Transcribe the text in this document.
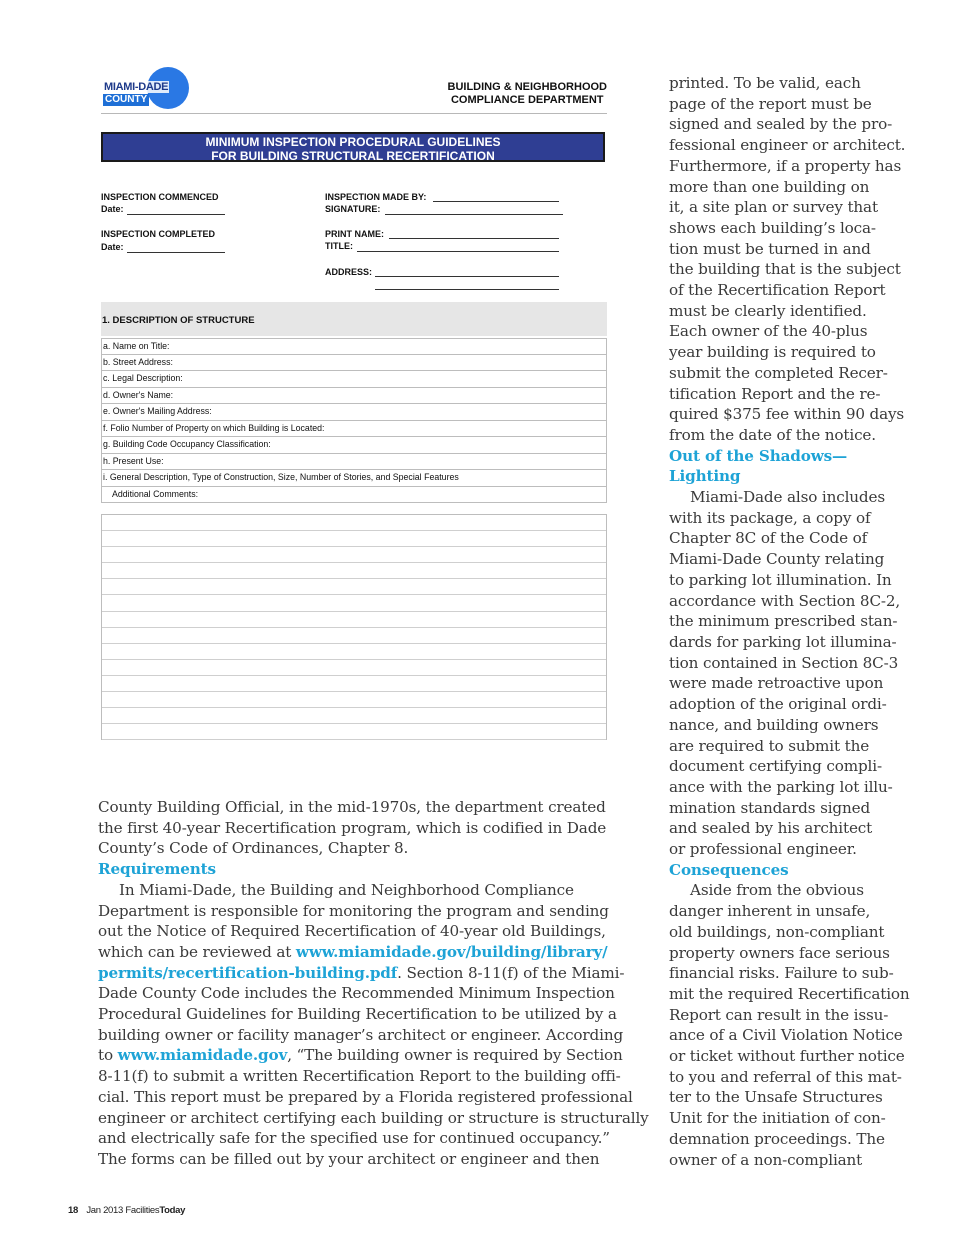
MIAMI-DADE
COUNTY
BUILDING & NEIGHBORHOOD
COMPLIANCE DEPARTMENT
MINIMUM INSPECTION PROCEDURAL GUIDELINES
FOR BUILDING STRUCTURAL RECERTIFICATION
INSPECTION COMMENCED
Date:
INSPECTION COMPLETED
Date:
INSPECTION MADE BY:
SIGNATURE:
PRINT NAME:
TITLE:
ADDRESS:
1. DESCRIPTION OF STRUCTURE
a. Name on Title:
b. Street Address:
c. Legal Description:
d. Owner's Name:
e. Owner's Mailing Address:
f. Folio Number of Property on which Building is Located:
g. Building Code Occupancy Classification:
h. Present Use:
i. General Description, Type of Construction, Size, Number of Stories, and Special Features
Additional Comments:
County Building Official, in the mid-1970s, the department created
the first 40-year Recertification program, which is codified in Dade
County’s Code of Ordinances, Chapter 8.
Requirements
In Miami-Dade, the Building and Neighborhood Compliance
Department is responsible for monitoring the program and sending
out the Notice of Required Recertification of 40-year old Buildings,
which can be reviewed at www.miamidade.gov/building/library/
permits/recertification-building.pdf. Section 8-11(f) of the Miami-
Dade County Code includes the Recommended Minimum Inspection
Procedural Guidelines for Building Recertification to be utilized by a
building owner or facility manager’s architect or engineer. According
to www.miamidade.gov, “The building owner is required by Section
8-11(f) to submit a written Recertification Report to the building offi-
cial. This report must be prepared by a Florida registered professional
engineer or architect certifying each building or structure is structurally
and electrically safe for the specified use for continued occupancy.”
The forms can be filled out by your architect or engineer and then
printed. To be valid, each
page of the report must be
signed and sealed by the pro-
fessional engineer or architect.
Furthermore, if a property has
more than one building on
it, a site plan or survey that
shows each building’s loca-
tion must be turned in and
the building that is the subject
of the Recertification Report
must be clearly identified.
Each owner of the 40-plus
year building is required to
submit the completed Recer-
tification Report and the re-
quired $375 fee within 90 days
from the date of the notice.
Out of the Shadows—
Lighting
Miami-Dade also includes
with its package, a copy of
Chapter 8C of the Code of
Miami-Dade County relating
to parking lot illumination. In
accordance with Section 8C-2,
the minimum prescribed stan-
dards for parking lot illumina-
tion contained in Section 8C-3
were made retroactive upon
adoption of the original ordi-
nance, and building owners
are required to submit the
document certifying compli-
ance with the parking lot illu-
mination standards signed
and sealed by his architect
or professional engineer.
Consequences
Aside from the obvious
danger inherent in unsafe,
old buildings, non-compliant
property owners face serious
financial risks. Failure to sub-
mit the required Recertification
Report can result in the issu-
ance of a Civil Violation Notice
or ticket without further notice
to you and referral of this mat-
ter to the Unsafe Structures
Unit for the initiation of con-
demnation proceedings. The
owner of a non-compliant
18 Jan 2013 FacilitiesToday
